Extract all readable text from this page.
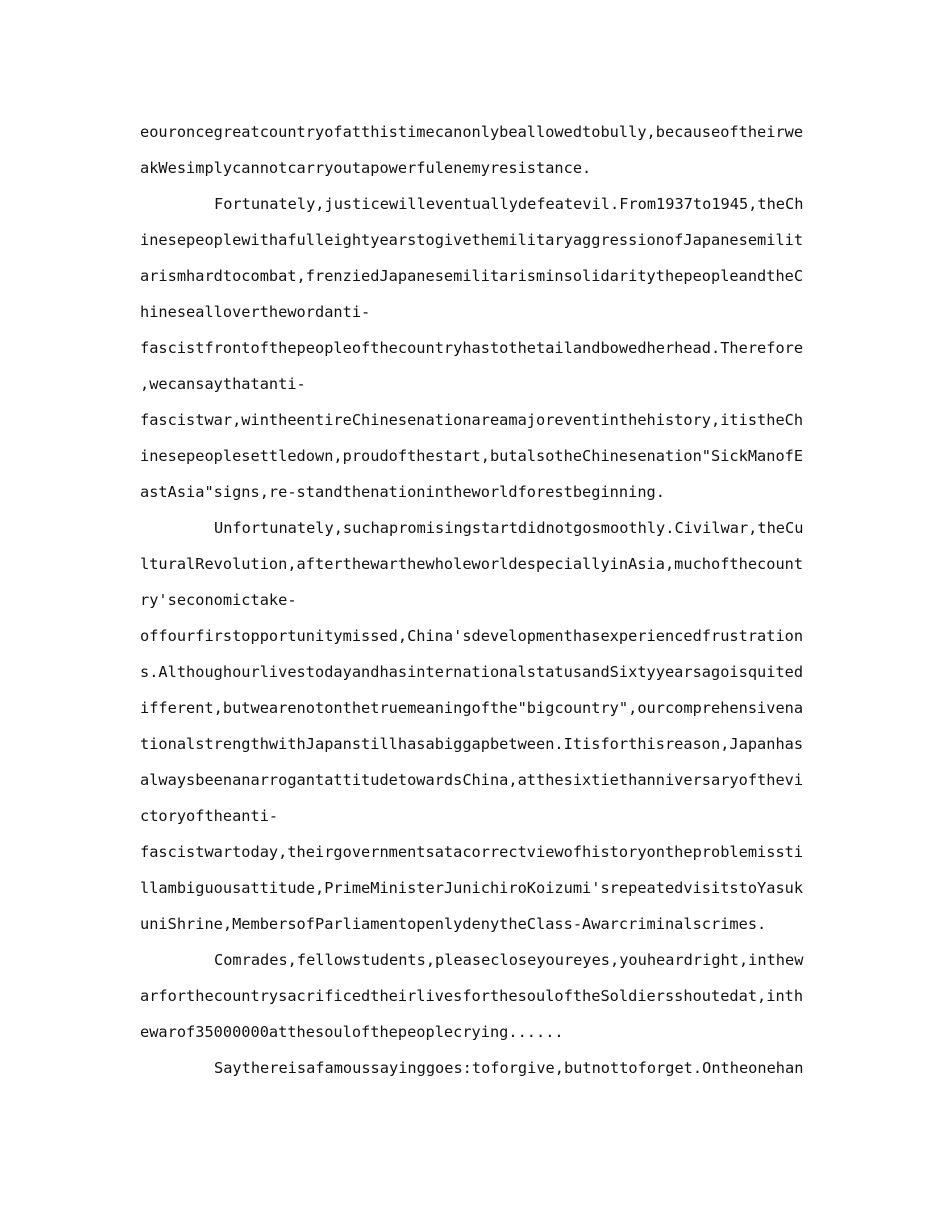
eouroncegreatcountryofatthistimecanonlybeallowedtobully,becauseoftheirwe
akWesimplycannotcarryoutapowerfulenemyresistance.
Fortunately,justicewilleventuallydefeatevil.From1937to1945,theCh
inesepeoplewithafulleightyearstogivethemilitaryaggressionofJapanesemilit
arismhardtocombat,frenziedJapanesemilitarisminsolidaritythepeopleandtheC
hinesealloverthewordanti-
fascistfrontofthepeopleofthecountryhastothetailandbowedherhead.Therefore
,wecansaythatanti-
fascistwar,wintheentireChinesenationareamajoreventinthehistory,itistheCh
inesepeoplesettledown,proudofthestart,butalsotheChinesenation"SickManofE
astAsia"signs,re-standthenationintheworldforestbeginning.
Unfortunately,suchapromisingstartdidnotgosmoothly.Civilwar,theCu
lturalRevolution,afterthewarthewholeworldespeciallyinAsia,muchofthecount
ry'seconomictake-
offourfirstopportunitymissed,China'sdevelopmenthasexperiencedfrustration
s.AlthoughourlivestodayandhasinternationalstatusandSixtyyearsagoisquited
ifferent,butwearenotonthetruemeaningofthe"bigcountry",ourcomprehensivena
tionalstrengthwithJapanstillhasabiggapbetween.Itisforthisreason,Japanhas
alwaysbeenanarrogantattitudetowardsChina,atthesixtiethanniversaryofthevi
ctoryoftheanti-
fascistwartoday,theirgovernmentsatacorrectviewofhistoryontheproblemissti
llambiguousattitude,PrimeMinisterJunichiroKoizumi'srepeatedvisitstoYasuk
uniShrine,MembersofParliamentopenlydenytheClass-Awarcriminalscrimes.
Comrades,fellowstudents,pleasecloseyoureyes,youheardright,inthew
arforthecountrysacrificedtheirlivesforthesouloftheSoldiersshoutedat,inth
ewarof35000000atthesoulofthepeoplecrying......
Saythereisafamoussayinggoes:toforgive,butnottoforget.Ontheonehan
